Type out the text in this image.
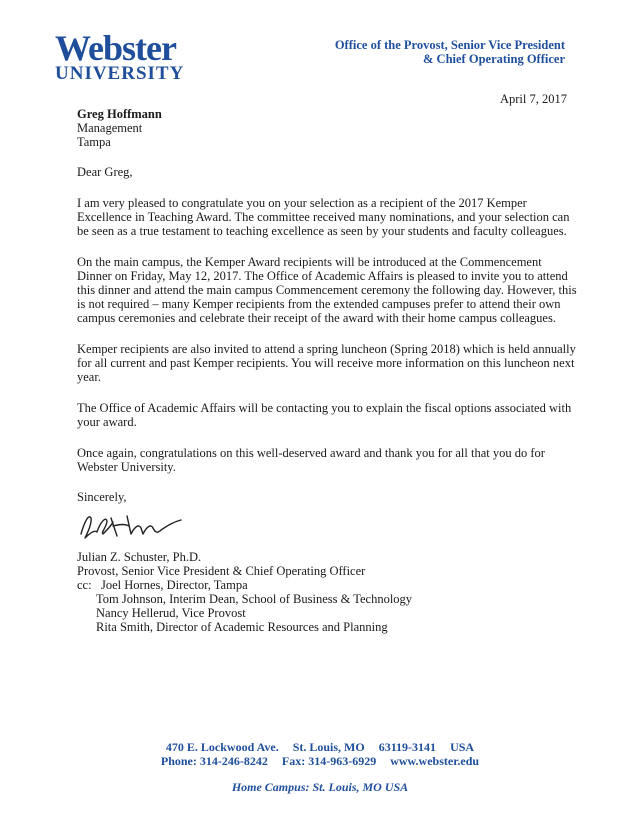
Webster
UNIVERSITY
Office of the Provost, Senior Vice President
& Chief Operating Officer
April 7, 2017
Greg Hoffmann
Management
Tampa

Dear Greg,

I am very pleased to congratulate you on your selection as a recipient of the 2017 Kemper Excellence in Teaching Award. The committee received many nominations, and your selection can be seen as a true testament to teaching excellence as seen by your students and faculty colleagues.

On the main campus, the Kemper Award recipients will be introduced at the Commencement Dinner on Friday, May 12, 2017. The Office of Academic Affairs is pleased to invite you to attend this dinner and attend the main campus Commencement ceremony the following day. However, this is not required – many Kemper recipients from the extended campuses prefer to attend their own campus ceremonies and celebrate their receipt of the award with their home campus colleagues.

Kemper recipients are also invited to attend a spring luncheon (Spring 2018) which is held annually for all current and past Kemper recipients. You will receive more information on this luncheon next year.

The Office of Academic Affairs will be contacting you to explain the fiscal options associated with your award.

Once again, congratulations on this well-deserved award and thank you for all that you do for Webster University.

Sincerely,

Julian Z. Schuster, Ph.D.
Provost, Senior Vice President & Chief Operating Officer
cc: Joel Hornes, Director, Tampa
Tom Johnson, Interim Dean, School of Business & Technology
Nancy Hellerud, Vice Provost
Rita Smith, Director of Academic Resources and Planning
470 E. Lockwood Ave. St. Louis, MO 63119-3141 USA
Phone: 314-246-8242 Fax: 314-963-6929 www.webster.edu
Home Campus: St. Louis, MO USA
